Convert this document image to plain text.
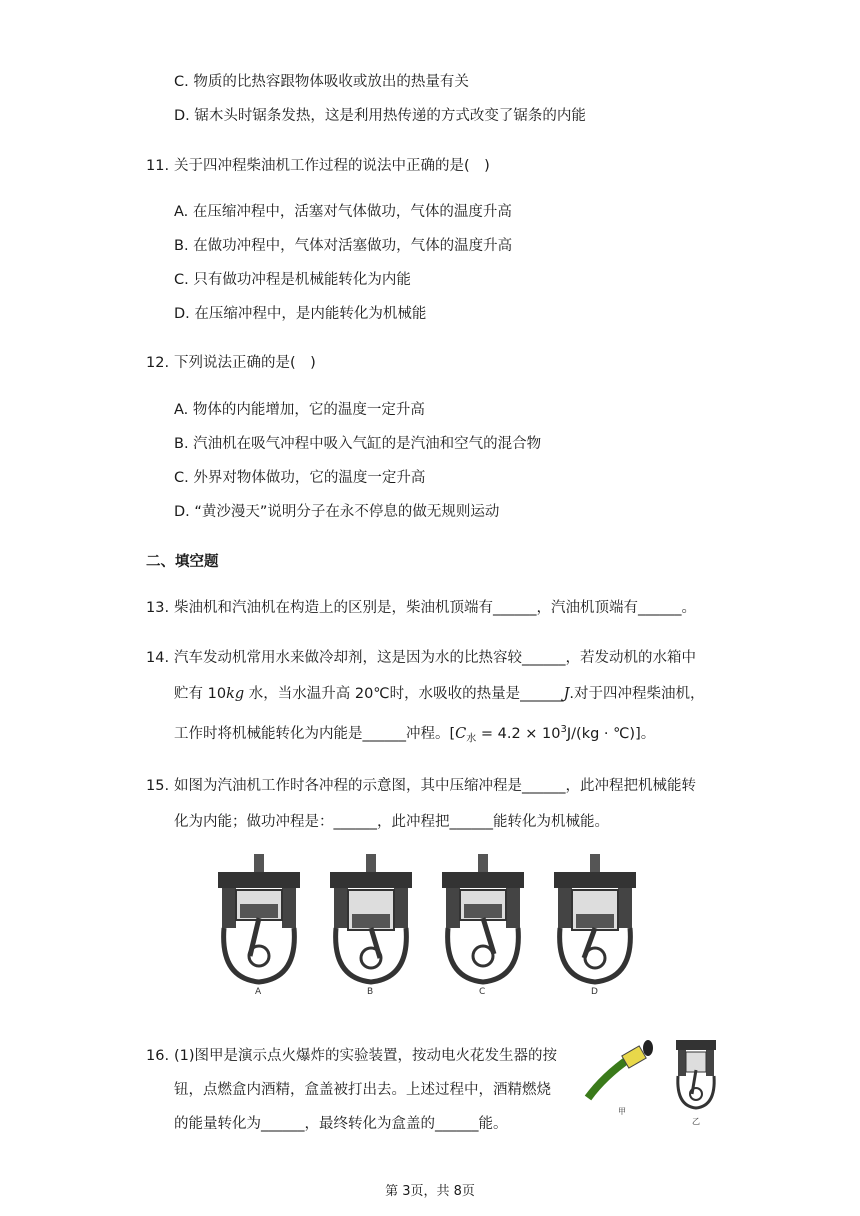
C. 物质的比热容跟物体吸收或放出的热量有关
D. 锯木头时锯条发热，这是利用热传递的方式改变了锯条的内能
11. 关于四冲程柴油机工作过程的说法中正确的是(　)
A. 在压缩冲程中，活塞对气体做功，气体的温度升高
B. 在做功冲程中，气体对活塞做功，气体的温度升高
C. 只有做功冲程是机械能转化为内能
D. 在压缩冲程中，是内能转化为机械能
12. 下列说法正确的是(　)
A. 物体的内能增加，它的温度一定升高
B. 汽油机在吸气冲程中吸入气缸的是汽油和空气的混合物
C. 外界对物体做功，它的温度一定升高
D. “黄沙漫天”说明分子在永不停息的做无规则运动
二、填空题
13. 柴油机和汽油机在构造上的区别是，柴油机顶端有______，汽油机顶端有______。
14. 汽车发动机常用水来做冷却剂，这是因为水的比热容较______，若发动机的水箱中
贮有 10kg 水，当水温升高 20℃时，水吸收的热量是______J.对于四冲程柴油机，
工作时将机械能转化为内能是______冲程。[$C_水 = 4.2 \times 10^3J/(kg$ · ℃)]。
15. 如图为汽油机工作时各冲程的示意图，其中压缩冲程是______，此冲程把机械能转
化为内能；做功冲程是：______，此冲程把______能转化为机械能。
A	B	C	D
16. (1)图甲是演示点火爆炸的实验装置，按动电火花发生器的按
钮，点燃盒内酒精，盒盖被打出去。上述过程中，酒精燃烧
的能量转化为______，最终转化为盒盖的______能。
甲
乙
第 3页，共 8页
